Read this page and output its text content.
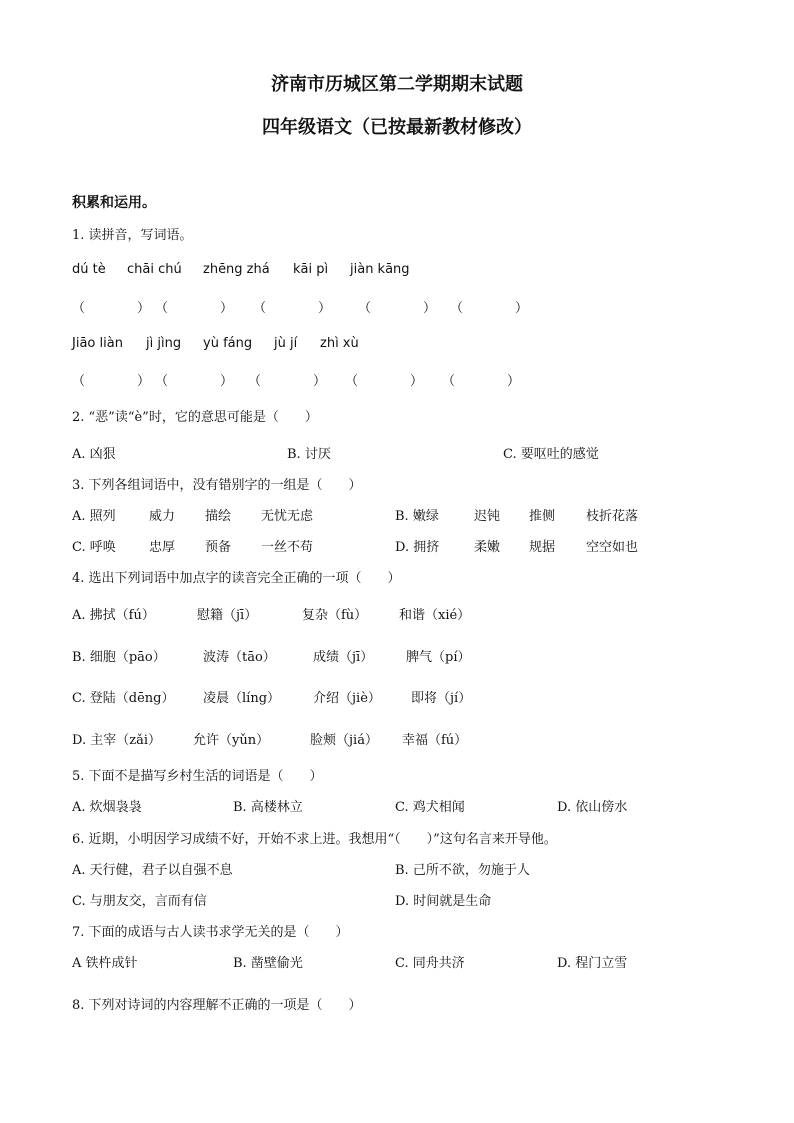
济南市历城区第二学期期末试题
四年级语文（已按最新教材修改）
积累和运用。
1. 读拼音，写词语。
dú tè chāi chú zhēng zhá kāi pì jiàn kāng
（　　　　） （　　　　） （　　　　） （　　　　） （　　　　）
Jiāo liàn jì jìng yù fáng jù jí zhì xù
（　　　　） （　　　　） （　　　　） （　　　　） （　　　　）
2. “恶”读“è”时，它的意思可能是（　　）
A. 凶狠	B. 讨厌	C. 要呕吐的感觉
3. 下列各组词语中，没有错别字的一组是（　　）
A. 照列	威力 描绘 无忧无虑	B. 嫩绿	迟钝 推侧 枝折花落
C. 呼唤	忠厚 预备 一丝不苟	D. 拥挤	柔嫩 规据 空空如也
4. 选出下列词语中加点字的读音完全正确的一项（　　）
A. 拂拭（fú）	慰籍（jī）	复杂（fù） 和谐（xié）
B. 细胞（pāo）	波涛（tāo）	成绩（jī）	脾气（pí）
C. 登陆（dēng） 凌晨（líng）	介绍（jiè） 即将（jí）
D. 主宰（zǎi） 允许（yǔn）	脸颊（jiá） 幸福（fú）
5. 下面不是描写乡村生活的词语是（　　）
A. 炊烟袅袅	B. 高楼林立	C. 鸡犬相闻	D. 依山傍水
6. 近期，小明因学习成绩不好，开始不求上进。我想用“（　　）”这句名言来开导他。
A. 天行健，君子以自强不息	B. 己所不欲，勿施于人
C. 与朋友交，言而有信	D. 时间就是生命
7. 下面的成语与古人读书求学无关的是（　　）
A 铁杵成针	B. 凿壁偷光	C. 同舟共济	D. 程门立雪
8. 下列对诗词的内容理解不正确的一项是（　　）
